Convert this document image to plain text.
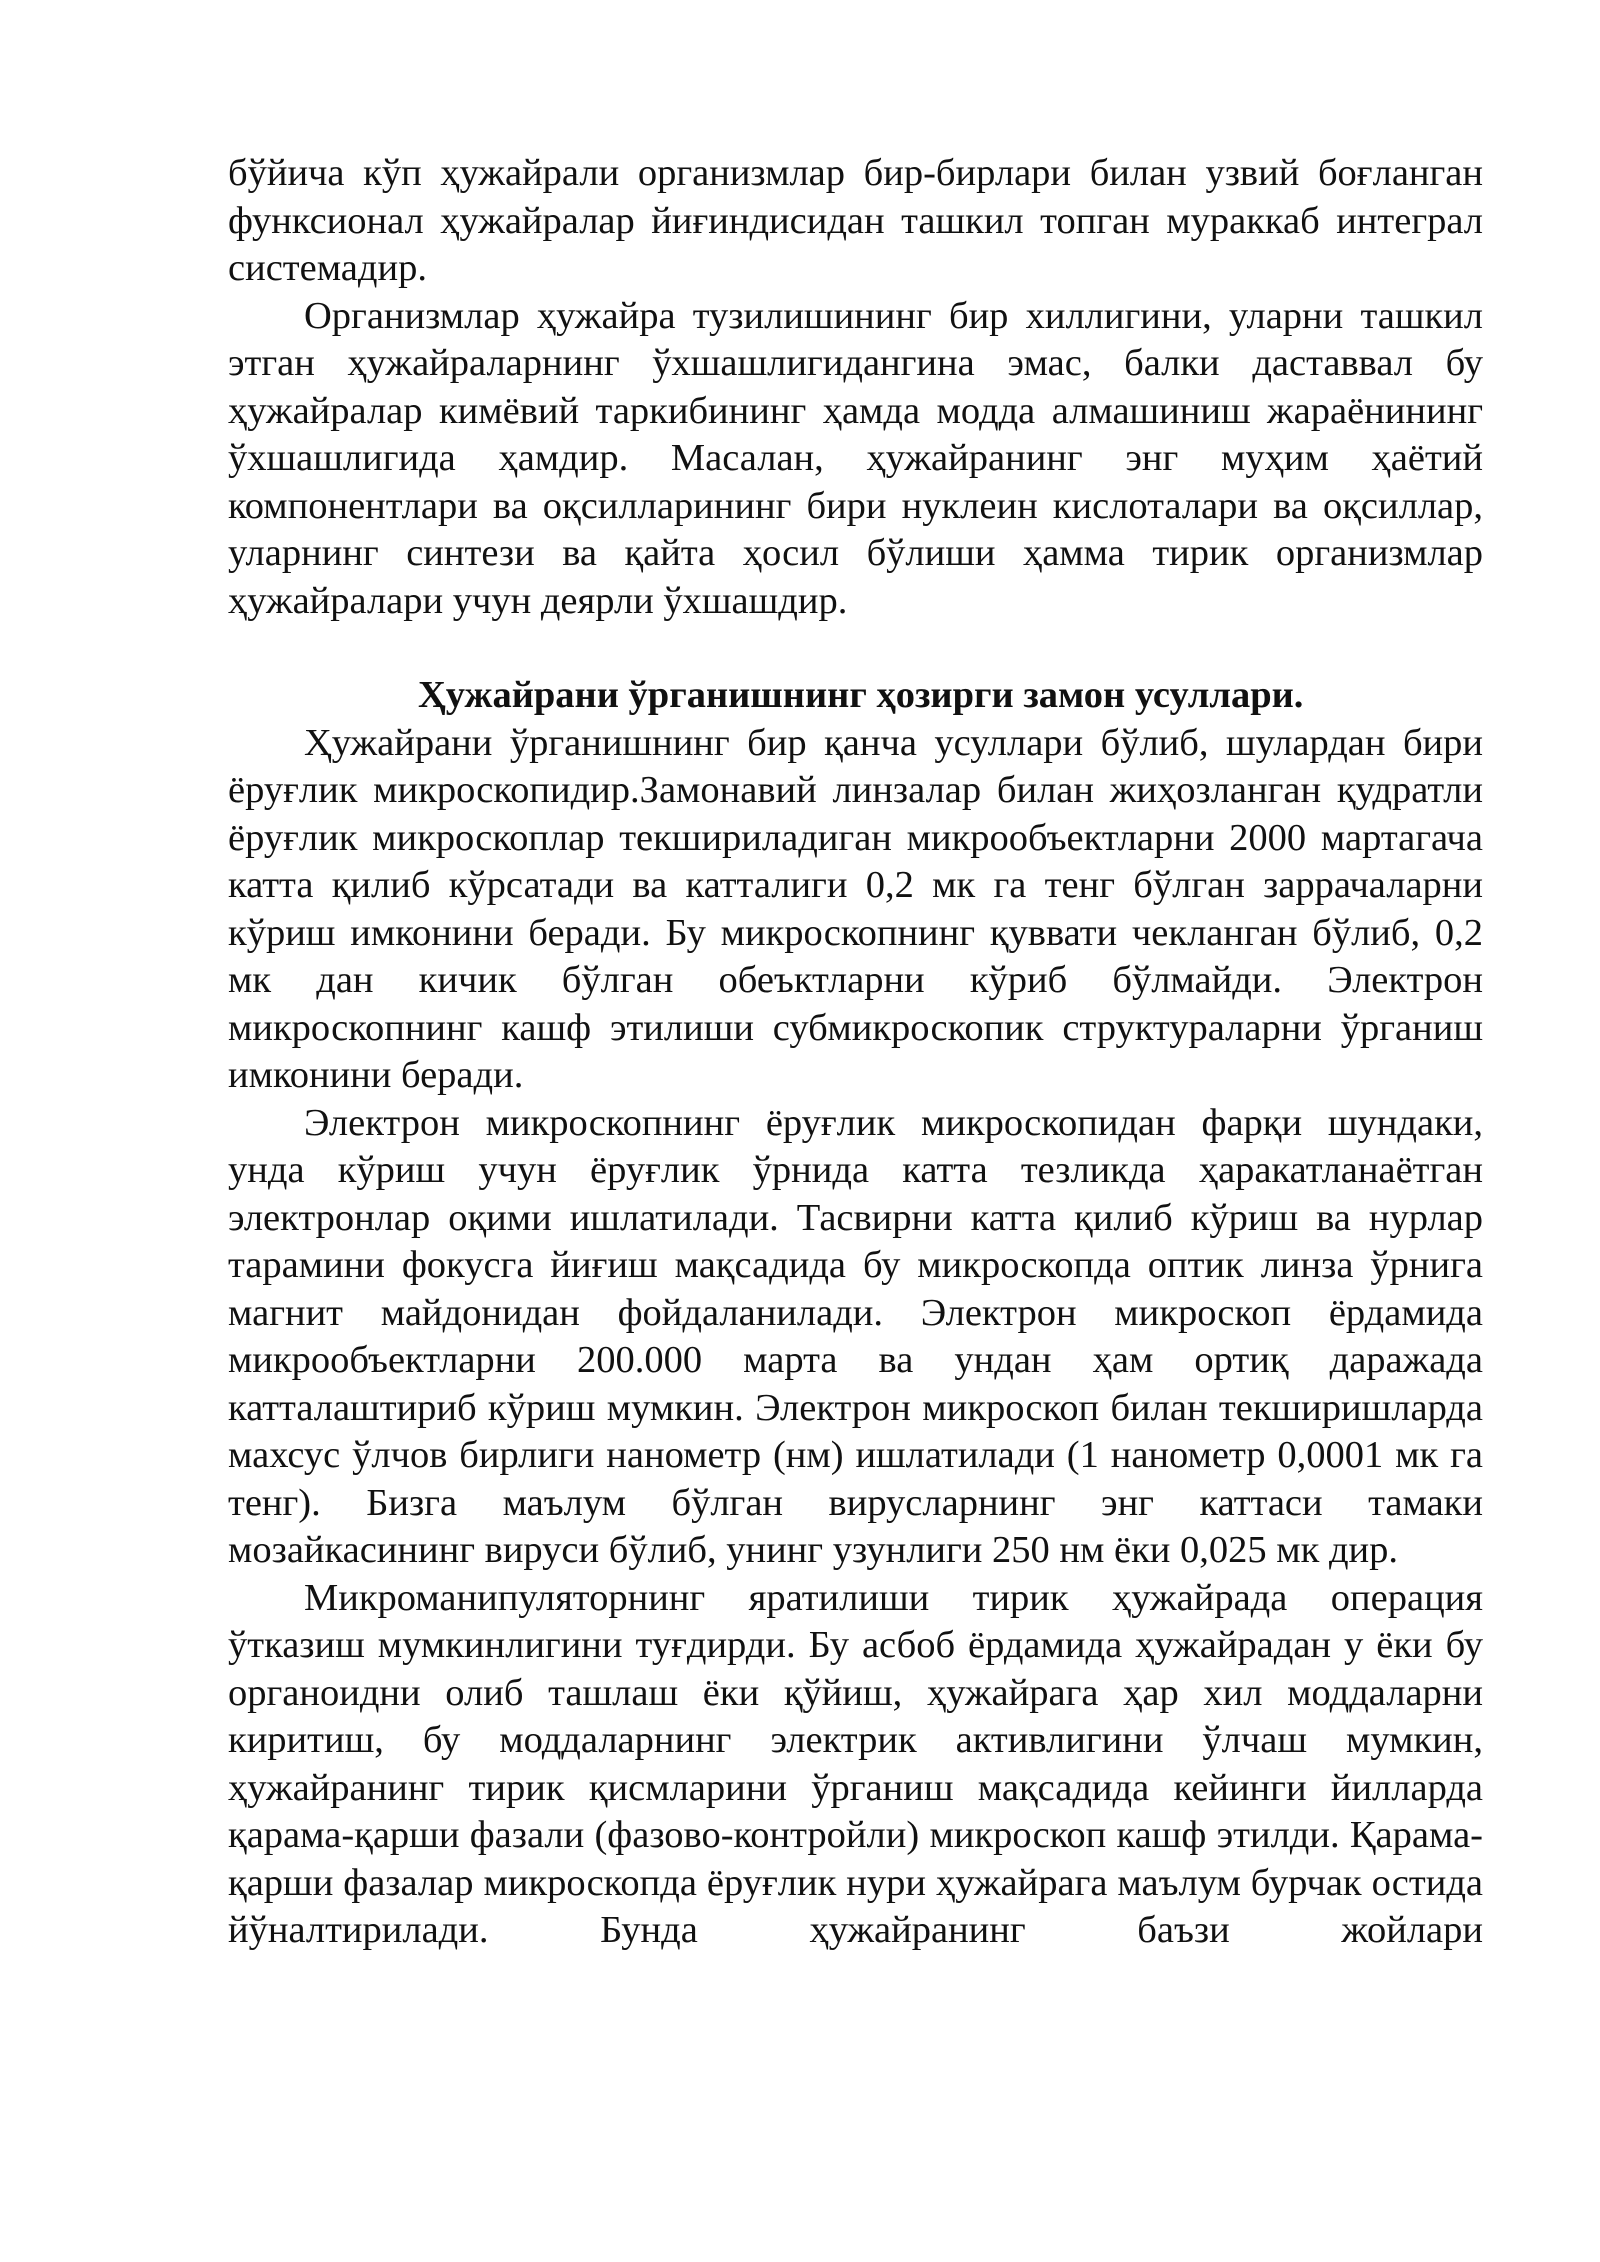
бўйича кўп ҳужайрали организмлар бир-бирлари билан узвий боғланган функсионал ҳужайралар йиғиндисидан ташкил топган мураккаб интеграл системадир.

Организмлар ҳужайра тузилишининг бир хиллигини, уларни ташкил этган ҳужайраларнинг ўхшашлигидангина эмас, балки даставвал бу ҳужайралар кимёвий таркибининг ҳамда модда алмашиниш жараёнининг ўхшашлигида ҳамдир. Масалан, ҳужайранинг энг муҳим ҳаётий компонентлари ва оқсилларининг бири нуклеин кислоталари ва оқсиллар, уларнинг синтези ва қайта ҳосил бўлиши ҳамма тирик организмлар ҳужайралари учун деярли ўхшашдир.

Ҳужайрани ўрганишнинг ҳозирги замон усуллари.

Ҳужайрани ўрганишнинг бир қанча усуллари бўлиб, шулардан бири ёруғлик микроскопидир.Замонавий линзалар билан жиҳозланган қудратли ёруғлик микроскоплар текшириладиган микрообъектларни 2000 мартагача катта қилиб кўрсатади ва катталиги 0,2 мк га тенг бўлган заррачаларни кўриш имконини беради. Бу микроскопнинг қуввати чекланган бўлиб, 0,2 мк дан кичик бўлган обеъктларни кўриб бўлмайди. Электрон микроскопнинг кашф этилиши субмикроскопик структураларни ўрганиш имконини беради.

Электрон микроскопнинг ёруғлик микроскопидан фарқи шундаки, унда кўриш учун ёруғлик ўрнида катта тезликда ҳаракатланаётган электронлар оқими ишлатилади. Тасвирни катта қилиб кўриш ва нурлар тарамини фокусга йиғиш мақсадида бу микроскопда оптик линза ўрнига магнит майдонидан фойдаланилади. Электрон микроскоп ёрдамида микрообъектларни 200.000 марта ва ундан ҳам ортиқ даражада катталаштириб кўриш мумкин. Электрон микроскоп билан текширишларда махсус ўлчов бирлиги нанометр (нм) ишлатилади (1 нанометр 0,0001 мк га тенг). Бизга маълум бўлган вирусларнинг энг каттаси тамаки мозайкасининг вируси бўлиб, унинг узунлиги 250 нм ёки 0,025 мк дир.

Микроманипуляторнинг яратилиши тирик ҳужайрада операция ўтказиш мумкинлигини туғдирди. Бу асбоб ёрдамида ҳужайрадан у ёки бу органоидни олиб ташлаш ёки қўйиш, ҳужайрага ҳар хил моддаларни киритиш, бу моддаларнинг электрик активлигини ўлчаш мумкин, ҳужайранинг тирик қисмларини ўрганиш мақсадида кейинги йилларда қарама-қарши фазали (фазово-контройли) микроскоп кашф этилди. Қарама-қарши фазалар микроскопда ёруғлик нури ҳужайрага маълум бурчак остида йўналтирилади. Бунда ҳужайранинг баъзи жойлари
